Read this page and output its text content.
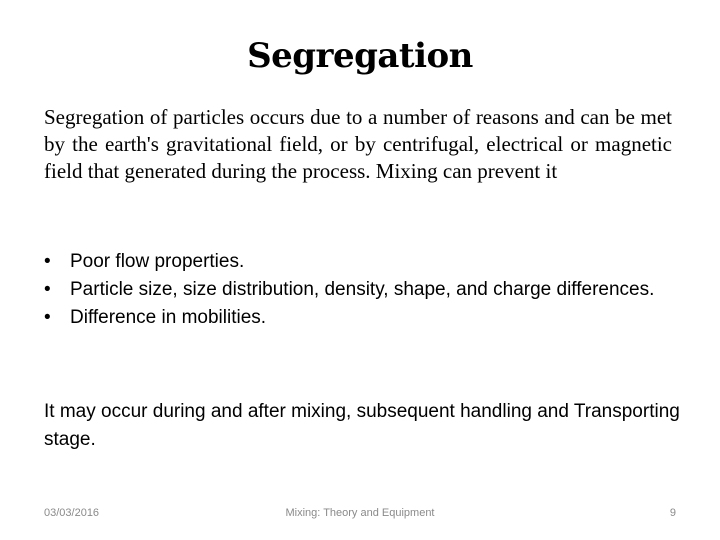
Segregation
Segregation of particles occurs due to a number of reasons and can be met by the earth's gravitational field, or by centrifugal, electrical or magnetic field that generated during the process. Mixing can prevent it
• Poor flow properties.
• Particle size, size distribution, density, shape, and charge differences.
• Difference in mobilities.
It may occur during and after mixing, subsequent handling and Transporting stage.
03/03/2016	Mixing: Theory and Equipment	9
